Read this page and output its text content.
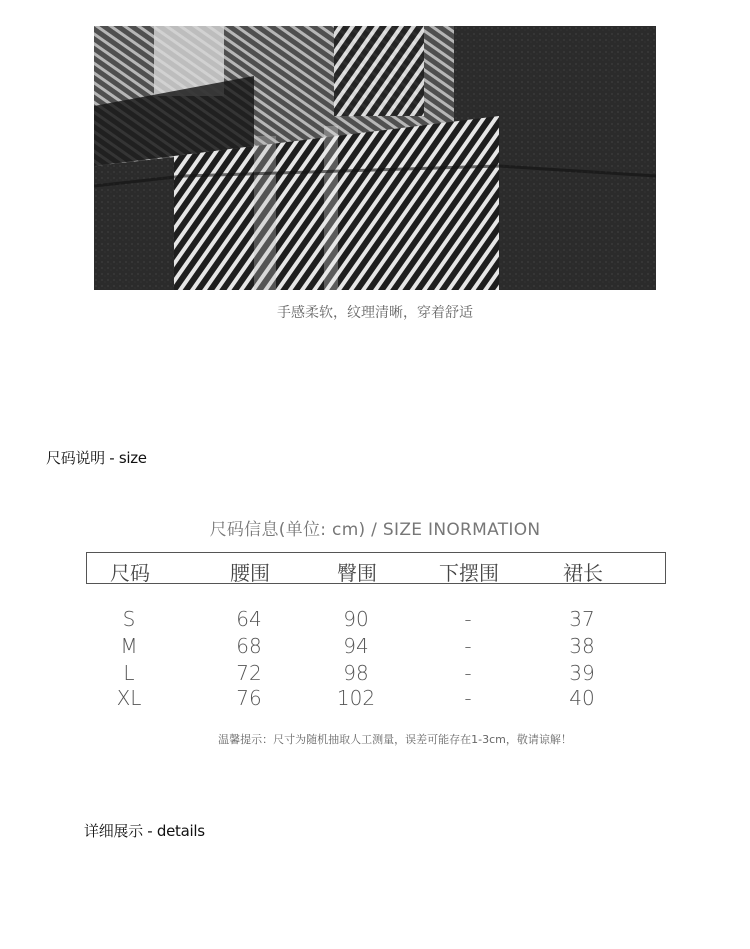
手感柔软，纹理清晰，穿着舒适
尺码说明 - size
尺码信息(单位: cm) / SIZE INORMATION
尺码	腰围	臀围	下摆围	裙长
S	64	90	-	37
M	68	94	-	38
L	72	98	-	39
XL	76	102	-	40
温馨提示：尺寸为随机抽取人工测量，误差可能存在1-3cm，敬请谅解！
详细展示 - details
